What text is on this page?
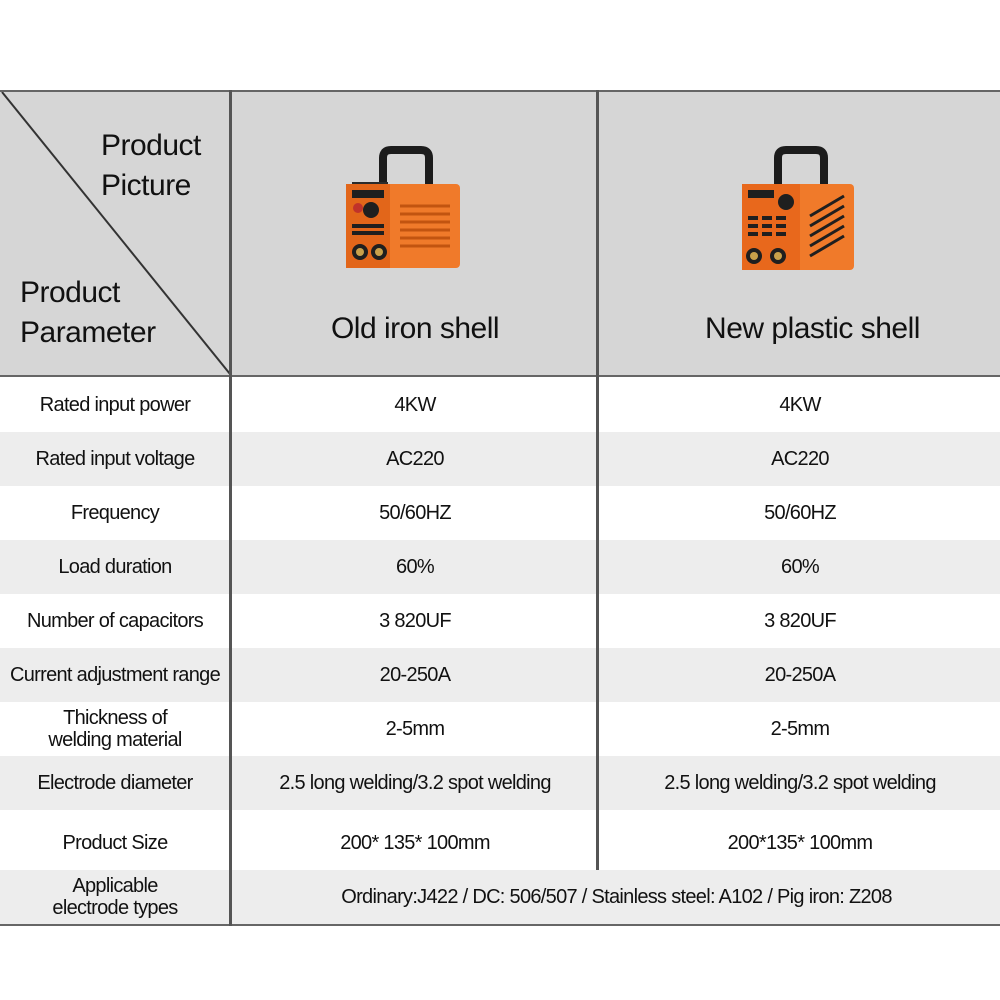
Product
Picture
Product
Parameter	Old iron shell	New plastic shell
Rated input power	4KW	4KW
Rated input voltage	AC220	AC220
Frequency	50/60HZ	50/60HZ
Load duration	60%	60%
Number of capacitors	3 820UF	3 820UF
Current adjustment range	20-250A	20-250A
Thickness of
welding material	2-5mm	2-5mm
Electrode diameter	2.5 long welding/3.2 spot welding	2.5 long welding/3.2 spot welding
Product Size	200* 135* 100mm	200*135* 100mm
Applicable
electrode types	Ordinary:J422 / DC: 506/507 / Stainless steel: A102 / Pig iron: Z208
